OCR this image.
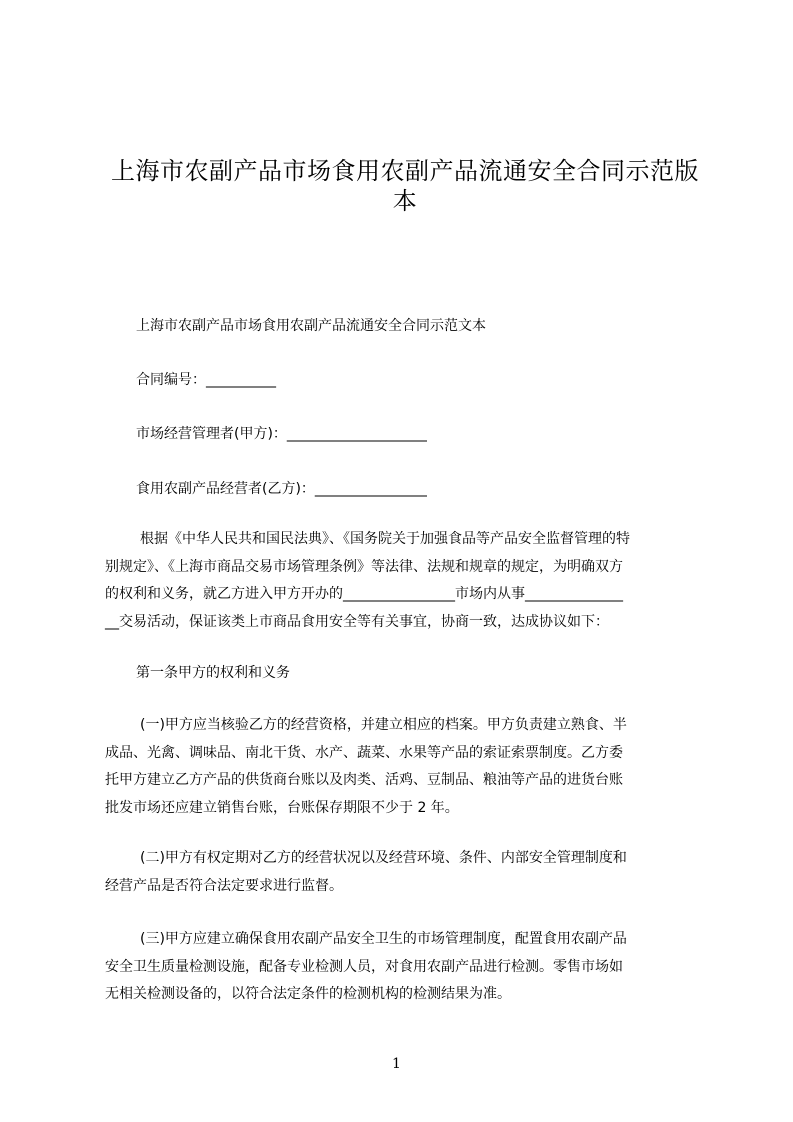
上海市农副产品市场食用农副产品流通安全合同示范版本

上海市农副产品市场食用农副产品流通安全合同示范文本

合同编号：__________

市场经营管理者(甲方)：____________________

食用农副产品经营者(乙方)：________________

根据《中华人民共和国民法典》、《国务院关于加强食品等产品安全监督管理的特
别规定》、《上海市商品交易市场管理条例》等法律、法规和规章的规定，为明确双方
的权利和义务，就乙方进入甲方开办的________________市场内从事______________
__交易活动，保证该类上市商品食用安全等有关事宜，协商一致，达成协议如下：

第一条甲方的权利和义务

(一)甲方应当核验乙方的经营资格，并建立相应的档案。甲方负责建立熟食、半
成品、光禽、调味品、南北干货、水产、蔬菜、水果等产品的索证索票制度。乙方委
托甲方建立乙方产品的供货商台账以及肉类、活鸡、豆制品、粮油等产品的进货台账
批发市场还应建立销售台账，台账保存期限不少于 2 年。
(二)甲方有权定期对乙方的经营状况以及经营环境、条件、内部安全管理制度和
经营产品是否符合法定要求进行监督。
(三)甲方应建立确保食用农副产品安全卫生的市场管理制度，配置食用农副产品
安全卫生质量检测设施，配备专业检测人员，对食用农副产品进行检测。零售市场如
无相关检测设备的，以符合法定条件的检测机构的检测结果为准。
1
